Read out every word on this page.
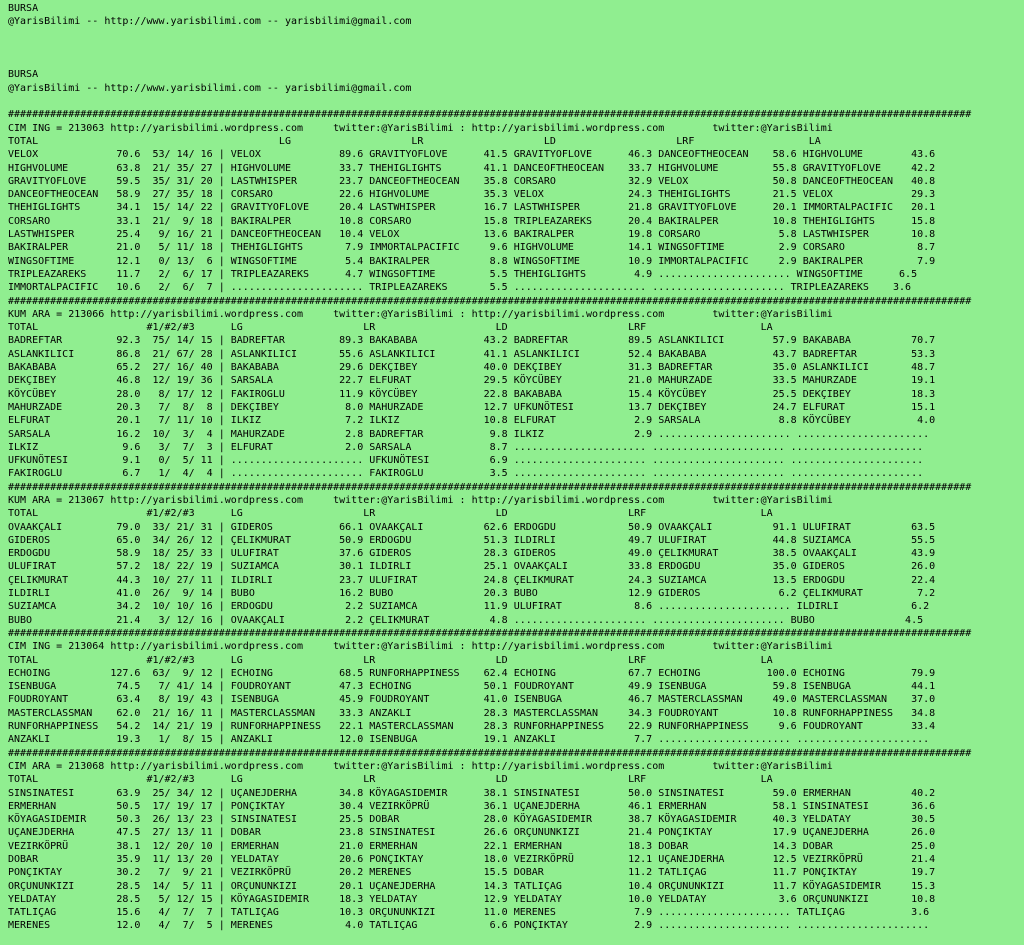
BURSA
@YarisBilimi -- http://www.yarisbilimi.com -- yarisbilimi@gmail.com

BURSA
@YarisBilimi -- http://www.yarisbilimi.com -- yarisbilimi@gmail.com

################################################################################################################################################################
CIM ING = 213063 http://yarisbilimi.wordpress.com     twitter:@YarisBilimi : http://yarisbilimi.wordpress.com        twitter:@YarisBilimi
TOTAL                                        LG                    LR                    LD                    LRF                   LA
VELOX             70.6  53/ 14/ 16 | VELOX             89.6 GRAVITYOFLOVE      41.5 GRAVITYOFLOVE      46.3 DANCEOFTHEOCEAN    58.6 HIGHVOLUME        43.6
HIGHVOLUME        63.8  21/ 35/ 27 | HIGHVOLUME        33.7 THEHIGLIGHTS       41.1 DANCEOFTHEOCEAN    33.7 HIGHVOLUME         55.8 GRAVITYOFLOVE     42.2
GRAVITYOFLOVE     59.5  35/ 31/ 20 | LASTWHISPER       23.7 DANCEOFTHEOCEAN    35.8 CORSARO            32.9 VELOX              50.8 DANCEOFTHEOCEAN   40.8
DANCEOFTHEOCEAN   58.9  27/ 35/ 18 | CORSARO           22.6 HIGHVOLUME         35.3 VELOX              24.3 THEHIGLIGHTS       21.5 VELOX             29.3
THEHIGLIGHTS      34.1  15/ 14/ 22 | GRAVITYOFLOVE     20.4 LASTWHISPER        16.7 LASTWHISPER        21.8 GRAVITYOFLOVE      20.1 IMMORTALPACIFIC   20.1
CORSARO           33.1  21/  9/ 18 | BAKIRALPER        10.8 CORSARO            15.8 TRIPLEAZAREKS      20.4 BAKIRALPER         10.8 THEHIGLIGHTS      15.8
LASTWHISPER       25.4   9/ 16/ 21 | DANCEOFTHEOCEAN   10.4 VELOX              13.6 BAKIRALPER         19.8 CORSARO             5.8 LASTWHISPER       10.8
BAKIRALPER        21.0   5/ 11/ 18 | THEHIGLIGHTS       7.9 IMMORTALPACIFIC     9.6 HIGHVOLUME         14.1 WINGSOFTIME         2.9 CORSARO            8.7
WINGSOFTIME       12.1   0/ 13/  6 | WINGSOFTIME        5.4 BAKIRALPER          8.8 WINGSOFTIME        10.9 IMMORTALPACIFIC     2.9 BAKIRALPER         7.9
TRIPLEAZAREKS     11.7   2/  6/ 17 | TRIPLEAZAREKS      4.7 WINGSOFTIME         5.5 THEHIGLIGHTS        4.9 ...................... WINGSOFTIME      6.5
IMMORTALPACIFIC   10.6   2/  6/  7 | ...................... TRIPLEAZAREKS       5.5 ...................... ...................... TRIPLEAZAREKS    3.6
################################################################################################################################################################
KUM ARA = 213066 http://yarisbilimi.wordpress.com     twitter:@YarisBilimi : http://yarisbilimi.wordpress.com        twitter:@YarisBilimi
TOTAL                  #1/#2/#3      LG                    LR                    LD                    LRF                   LA
BADREFTAR         92.3  75/ 14/ 15 | BADREFTAR         89.3 BAKABABA           43.2 BADREFTAR          89.5 ASLANKILICI        57.9 BAKABABA          70.7
ASLANKILICI       86.8  21/ 67/ 28 | ASLANKILICI       55.6 ASLANKILICI        41.1 ASLANKILICI        52.4 BAKABABA           43.7 BADREFTAR         53.3
BAKABABA          65.2  27/ 16/ 40 | BAKABABA          29.6 DEKÇIBEY           40.0 DEKÇIBEY           31.3 BADREFTAR          35.0 ASLANKILICI       48.7
DEKÇIBEY          46.8  12/ 19/ 36 | SARSALA           22.7 ELFURAT            29.5 KÖYCÜBEY           21.0 MAHURZADE          33.5 MAHURZADE         19.1
KÖYCÜBEY          28.0   8/ 17/ 12 | FAKIROGLU         11.9 KÖYCÜBEY           22.8 BAKABABA           15.4 KÖYCÜBEY           25.5 DEKÇIBEY          18.3
MAHURZADE         20.3   7/  8/  8 | DEKÇIBEY           8.0 MAHURZADE          12.7 UFKUNÖTESI         13.7 DEKÇIBEY           24.7 ELFURAT           15.1
ELFURAT           20.1   7/ 11/ 10 | ILKIZ              7.2 ILKIZ              10.8 ELFURAT             2.9 SARSALA             8.8 KÖYCÜBEY           4.0
SARSALA           16.2  10/  3/  4 | MAHURZADE          2.8 BADREFTAR           9.8 ILKIZ               2.9 ...................... ......................
ILKIZ              9.6   3/  7/  3 | ELFURAT            2.0 SARSALA             8.7 ...................... ...................... ......................
UFKUNÖTESI         9.1   0/  5/ 11 | ...................... UFKUNÖTESI          6.9 ...................... ...................... ......................
FAKIROGLU          6.7   1/  4/  4 | ...................... FAKIROGLU           3.5 ...................... ...................... ......................
################################################################################################################################################################
KUM ARA = 213067 http://yarisbilimi.wordpress.com     twitter:@YarisBilimi : http://yarisbilimi.wordpress.com        twitter:@YarisBilimi
TOTAL                  #1/#2/#3      LG                    LR                    LD                    LRF                   LA
OVAAKÇALI         79.0  33/ 21/ 31 | GIDEROS           66.1 OVAAKÇALI          62.6 ERDOGDU            50.9 OVAAKÇALI          91.1 ULUFIRAT          63.5
GIDEROS           65.0  34/ 26/ 12 | ÇELIKMURAT        50.9 ERDOGDU            51.3 ILDIRLI            49.7 ULUFIRAT           44.8 SUZIAMCA          55.5
ERDOGDU           58.9  18/ 25/ 33 | ULUFIRAT          37.6 GIDEROS            28.3 GIDEROS            49.0 ÇELIKMURAT         38.5 OVAAKÇALI         43.9
ULUFIRAT          57.2  18/ 22/ 19 | SUZIAMCA          30.1 ILDIRLI            25.1 OVAAKÇALI          33.8 ERDOGDU            35.0 GIDEROS           26.0
ÇELIKMURAT        44.3  10/ 27/ 11 | ILDIRLI           23.7 ULUFIRAT           24.8 ÇELIKMURAT         24.3 SUZIAMCA           13.5 ERDOGDU           22.4
ILDIRLI           41.0  26/  9/ 14 | BUBO              16.2 BUBO               20.3 BUBO               12.9 GIDEROS             6.2 ÇELIKMURAT         7.2
SUZIAMCA          34.2  10/ 10/ 16 | ERDOGDU            2.2 SUZIAMCA           11.9 ULUFIRAT            8.6 ...................... ILDIRLI            6.2
BUBO              21.4   3/ 12/ 16 | OVAAKÇALI          2.2 ÇELIKMURAT          4.8 ...................... ...................... BUBO               4.5
################################################################################################################################################################
CIM ING = 213064 http://yarisbilimi.wordpress.com     twitter:@YarisBilimi : http://yarisbilimi.wordpress.com        twitter:@YarisBilimi
TOTAL                  #1/#2/#3      LG                    LR                    LD                    LRF                   LA
ECHOING          127.6  63/  9/ 12 | ECHOING           68.5 RUNFORHAPPINESS    62.4 ECHOING            67.7 ECHOING           100.0 ECHOING           79.9
ISENBUGA          74.5   7/ 41/ 14 | FOUDROYANT        47.3 ECHOING            50.1 FOUDROYANT         49.9 ISENBUGA           59.8 ISENBUGA          44.1
FOUDROYANT        63.4   8/ 19/ 43 | ISENBUGA          45.9 FOUDROYANT         41.0 ISENBUGA           46.7 MASTERCLASSMAN     49.0 MASTERCLASSMAN    37.0
MASTERCLASSMAN    62.0  21/ 16/ 11 | MASTERCLASSMAN    33.3 ANZAKLI            28.3 MASTERCLASSMAN     34.3 FOUDROYANT         10.8 RUNFORHAPPINESS   34.8
RUNFORHAPPINESS   54.2  14/ 21/ 19 | RUNFORHAPPINESS   22.1 MASTERCLASSMAN     28.3 RUNFORHAPPINESS    22.9 RUNFORHAPPINESS     9.6 FOUDROYANT        33.4
ANZAKLI           19.3   1/  8/ 15 | ANZAKLI           12.0 ISENBUGA           19.1 ANZAKLI             7.7 ...................... ......................
################################################################################################################################################################
CIM ARA = 213068 http://yarisbilimi.wordpress.com     twitter:@YarisBilimi : http://yarisbilimi.wordpress.com        twitter:@YarisBilimi
TOTAL                  #1/#2/#3      LG                    LR                    LD                    LRF                   LA
SINSINATESI       63.9  25/ 34/ 12 | UÇANEJDERHA       34.8 KÖYAGASIDEMIR      38.1 SINSINATESI        50.0 SINSINATESI        59.0 ERMERHAN          40.2
ERMERHAN          50.5  17/ 19/ 17 | PONÇIKTAY         30.4 VEZIRKÖPRÜ         36.1 UÇANEJDERHA        46.1 ERMERHAN           58.1 SINSINATESI       36.6
KÖYAGASIDEMIR     50.3  26/ 13/ 23 | SINSINATESI       25.5 DOBAR              28.0 KÖYAGASIDEMIR      38.7 KÖYAGASIDEMIR      40.3 YELDATAY          30.5
UÇANEJDERHA       47.5  27/ 13/ 11 | DOBAR             23.8 SINSINATESI        26.6 ORÇUNUNKIZI        21.4 PONÇIKTAY          17.9 UÇANEJDERHA       26.0
VEZIRKÖPRÜ        38.1  12/ 20/ 10 | ERMERHAN          21.0 ERMERHAN           22.1 ERMERHAN           18.3 DOBAR              14.3 DOBAR             25.0
DOBAR             35.9  11/ 13/ 20 | YELDATAY          20.6 PONÇIKTAY          18.0 VEZIRKÖPRÜ         12.1 UÇANEJDERHA        12.5 VEZIRKÖPRÜ        21.4
PONÇIKTAY         30.2   7/  9/ 21 | VEZIRKÖPRÜ        20.2 MERENES            15.5 DOBAR              11.2 TATLIÇAG           11.7 PONÇIKTAY         19.7
ORÇUNUNKIZI       28.5  14/  5/ 11 | ORÇUNUNKIZI       20.1 UÇANEJDERHA        14.3 TATLIÇAG           10.4 ORÇUNUNKIZI        11.7 KÖYAGASIDEMIR     15.3
YELDATAY          28.5   5/ 12/ 15 | KÖYAGASIDEMIR     18.3 YELDATAY           12.9 YELDATAY           10.0 YELDATAY            3.6 ORÇUNUNKIZI       10.8
TATLIÇAG          15.6   4/  7/  7 | TATLIÇAG          10.3 ORÇUNUNKIZI        11.0 MERENES             7.9 ...................... TATLIÇAG           3.6
MERENES           12.0   4/  7/  5 | MERENES            4.0 TATLIÇAG            6.6 PONÇIKTAY           2.9 ...................... ......................
